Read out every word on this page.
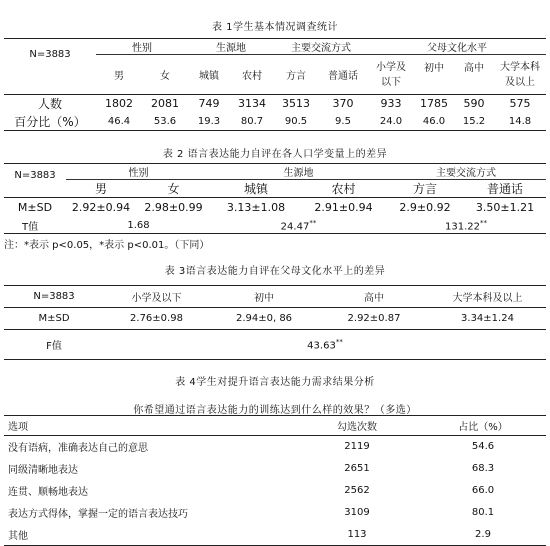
表 1学生基本情况调查统计
N=3883	性别		生源地		主要交流方式		父母文化水平			
	男	女	城镇	农村	方言	普通话	小学及
以下	初中	高中	大学本科
及以上
人数	1802	2081	749	3134	3513	370	933	1785	590	575
百分比（%）	46.4	53.6	19.3	80.7	90.5	9.5	24.0	46.0	15.2	14.8
表 2 语言表达能力自评在各人口学变量上的差异
N=3883	性别		生源地		主要交流方式	
	男	女	城镇	农村	方言	普通话
M±SD	2.92±0.94	2.98±0.99	3.13±1.08	2.91±0.94	2.9±0.92	3.50±1.21
T值	1.68		24.47**		131.22**
注：*表示 p<0.05，*表示 p<0.01。（下同）
表 3语言表达能力自评在父母文化水平上的差异
N=3883	小学及以下	初中	高中	大学本科及以上
M±SD	2.76±0.98	2.94±0, 86	2.92±0.87	3.34±1.24
F值	43.63**
表 4学生对提升语言表达能力需求结果分析
你希望通过语言表达能力的训练达到什么样的效果？（多选）
选项	勾选次数	占比（%）
没有语病，准确表达自己的意思	2119	54.6
同级清晰地表达	2651	68.3
连贯、顺畅地表达	2562	66.0
表达方式得体，掌握一定的语言表达技巧	3109	80.1
其他	113	2.9
